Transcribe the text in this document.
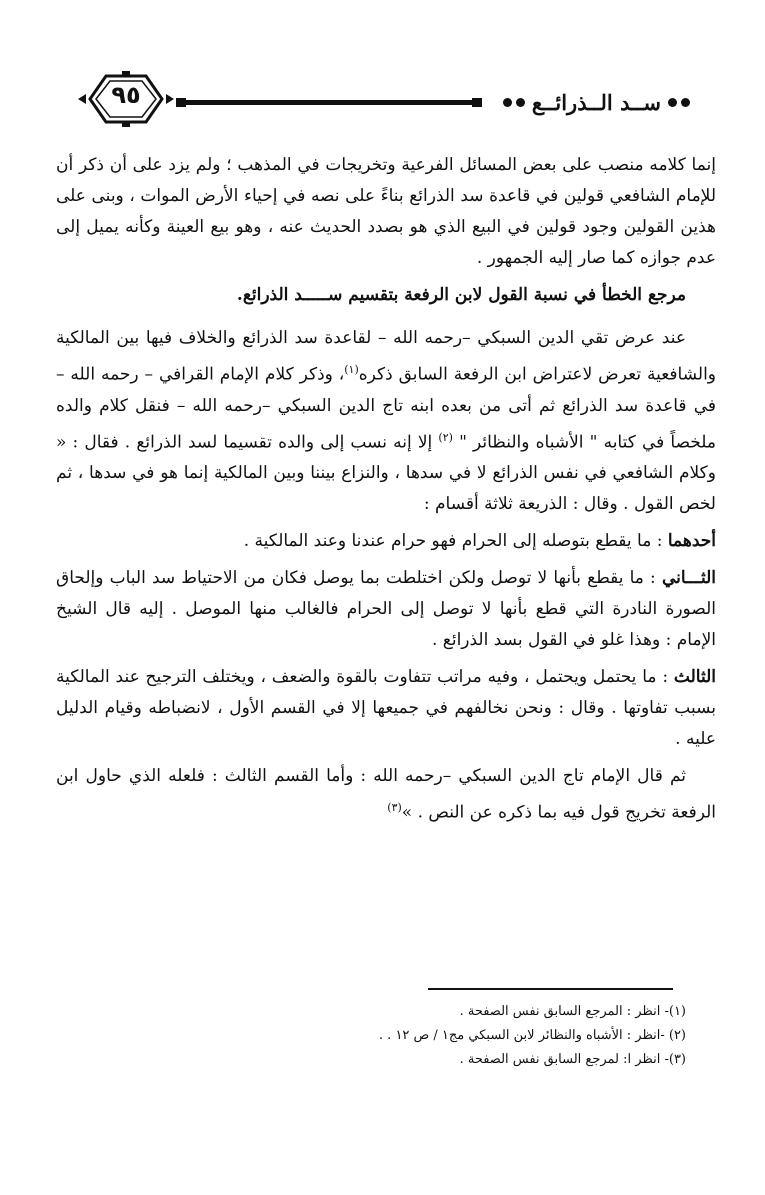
٩٥	ســد الــذرائــع

إنما كلامه منصب على بعض المسائل الفرعية وتخريجات في المذهب ؛ ولم يزد على أن ذكر أن للإمام الشافعي قولين في قاعدة سد الذرائع بناءً على نصه في إحياء الأرض الموات ، وبنى على هذين القولين وجود قولين في البيع الذي هو بصدد الحديث عنه ، وهو بيع العينة وكأنه يميل إلى عدم جوازه كما صار إليه الجمهور .

مرجع الخطأ في نسبة القول لابن الرفعة بتقسيم ســـــد الذرائع.

عند عرض تقي الدين السبكي –رحمه الله – لقاعدة سد الذرائع والخلاف فيها بين المالكية والشافعية تعرض لاعتراض ابن الرفعة السابق ذكره$^{(١)}$، وذكر كلام الإمام القرافي – رحمه الله – في قاعدة سد الذرائع ثم أتى من بعده ابنه تاج الدين السبكي –رحمه الله – فنقل كلام والده ملخصاً في كتابه " الأشباه والنظائر " $^{(٢)}$ إلا إنه نسب إلى والده تقسيما لسد الذرائع . فقال : « وكلام الشافعي في نفس الذرائع لا في سدها ، والنزاع بيننا وبين المالكية إنما هو في سدها ، ثم لخص القول . وقال : الذريعة ثلاثة أقسام :

أحدهما : ما يقطع بتوصله إلى الحرام فهو حرام عندنا وعند المالكية .

الثـــاني : ما يقطع بأنها لا توصل ولكن اختلطت بما يوصل فكان من الاحتياط سد الباب وإلحاق الصورة النادرة التي قطع بأنها لا توصل إلى الحرام فالغالب منها الموصل . إليه قال الشيخ الإمام : وهذا غلو في القول بسد الذرائع .

الثالث : ما يحتمل ويحتمل ، وفيه مراتب تتفاوت بالقوة والضعف ، ويختلف الترجيح عند المالكية بسبب تفاوتها . وقال : ونحن نخالفهم في جميعها إلا في القسم الأول ، لانضباطه وقيام الدليل عليه .

ثم قال الإمام تاج الدين السبكي –رحمه الله : وأما القسم الثالث : فلعله الذي حاول ابن الرفعة تخريج قول فيه بما ذكره عن النص . »$^{(٣)}$

(١)- انظر : المرجع السابق نفس الصفحة .

(٢) -انظر : الأشباه والنظائر لابن السبكي مج١ / ص ١٢ . .

(٣)- انظر ا: لمرجع السابق نفس الصفحة .
